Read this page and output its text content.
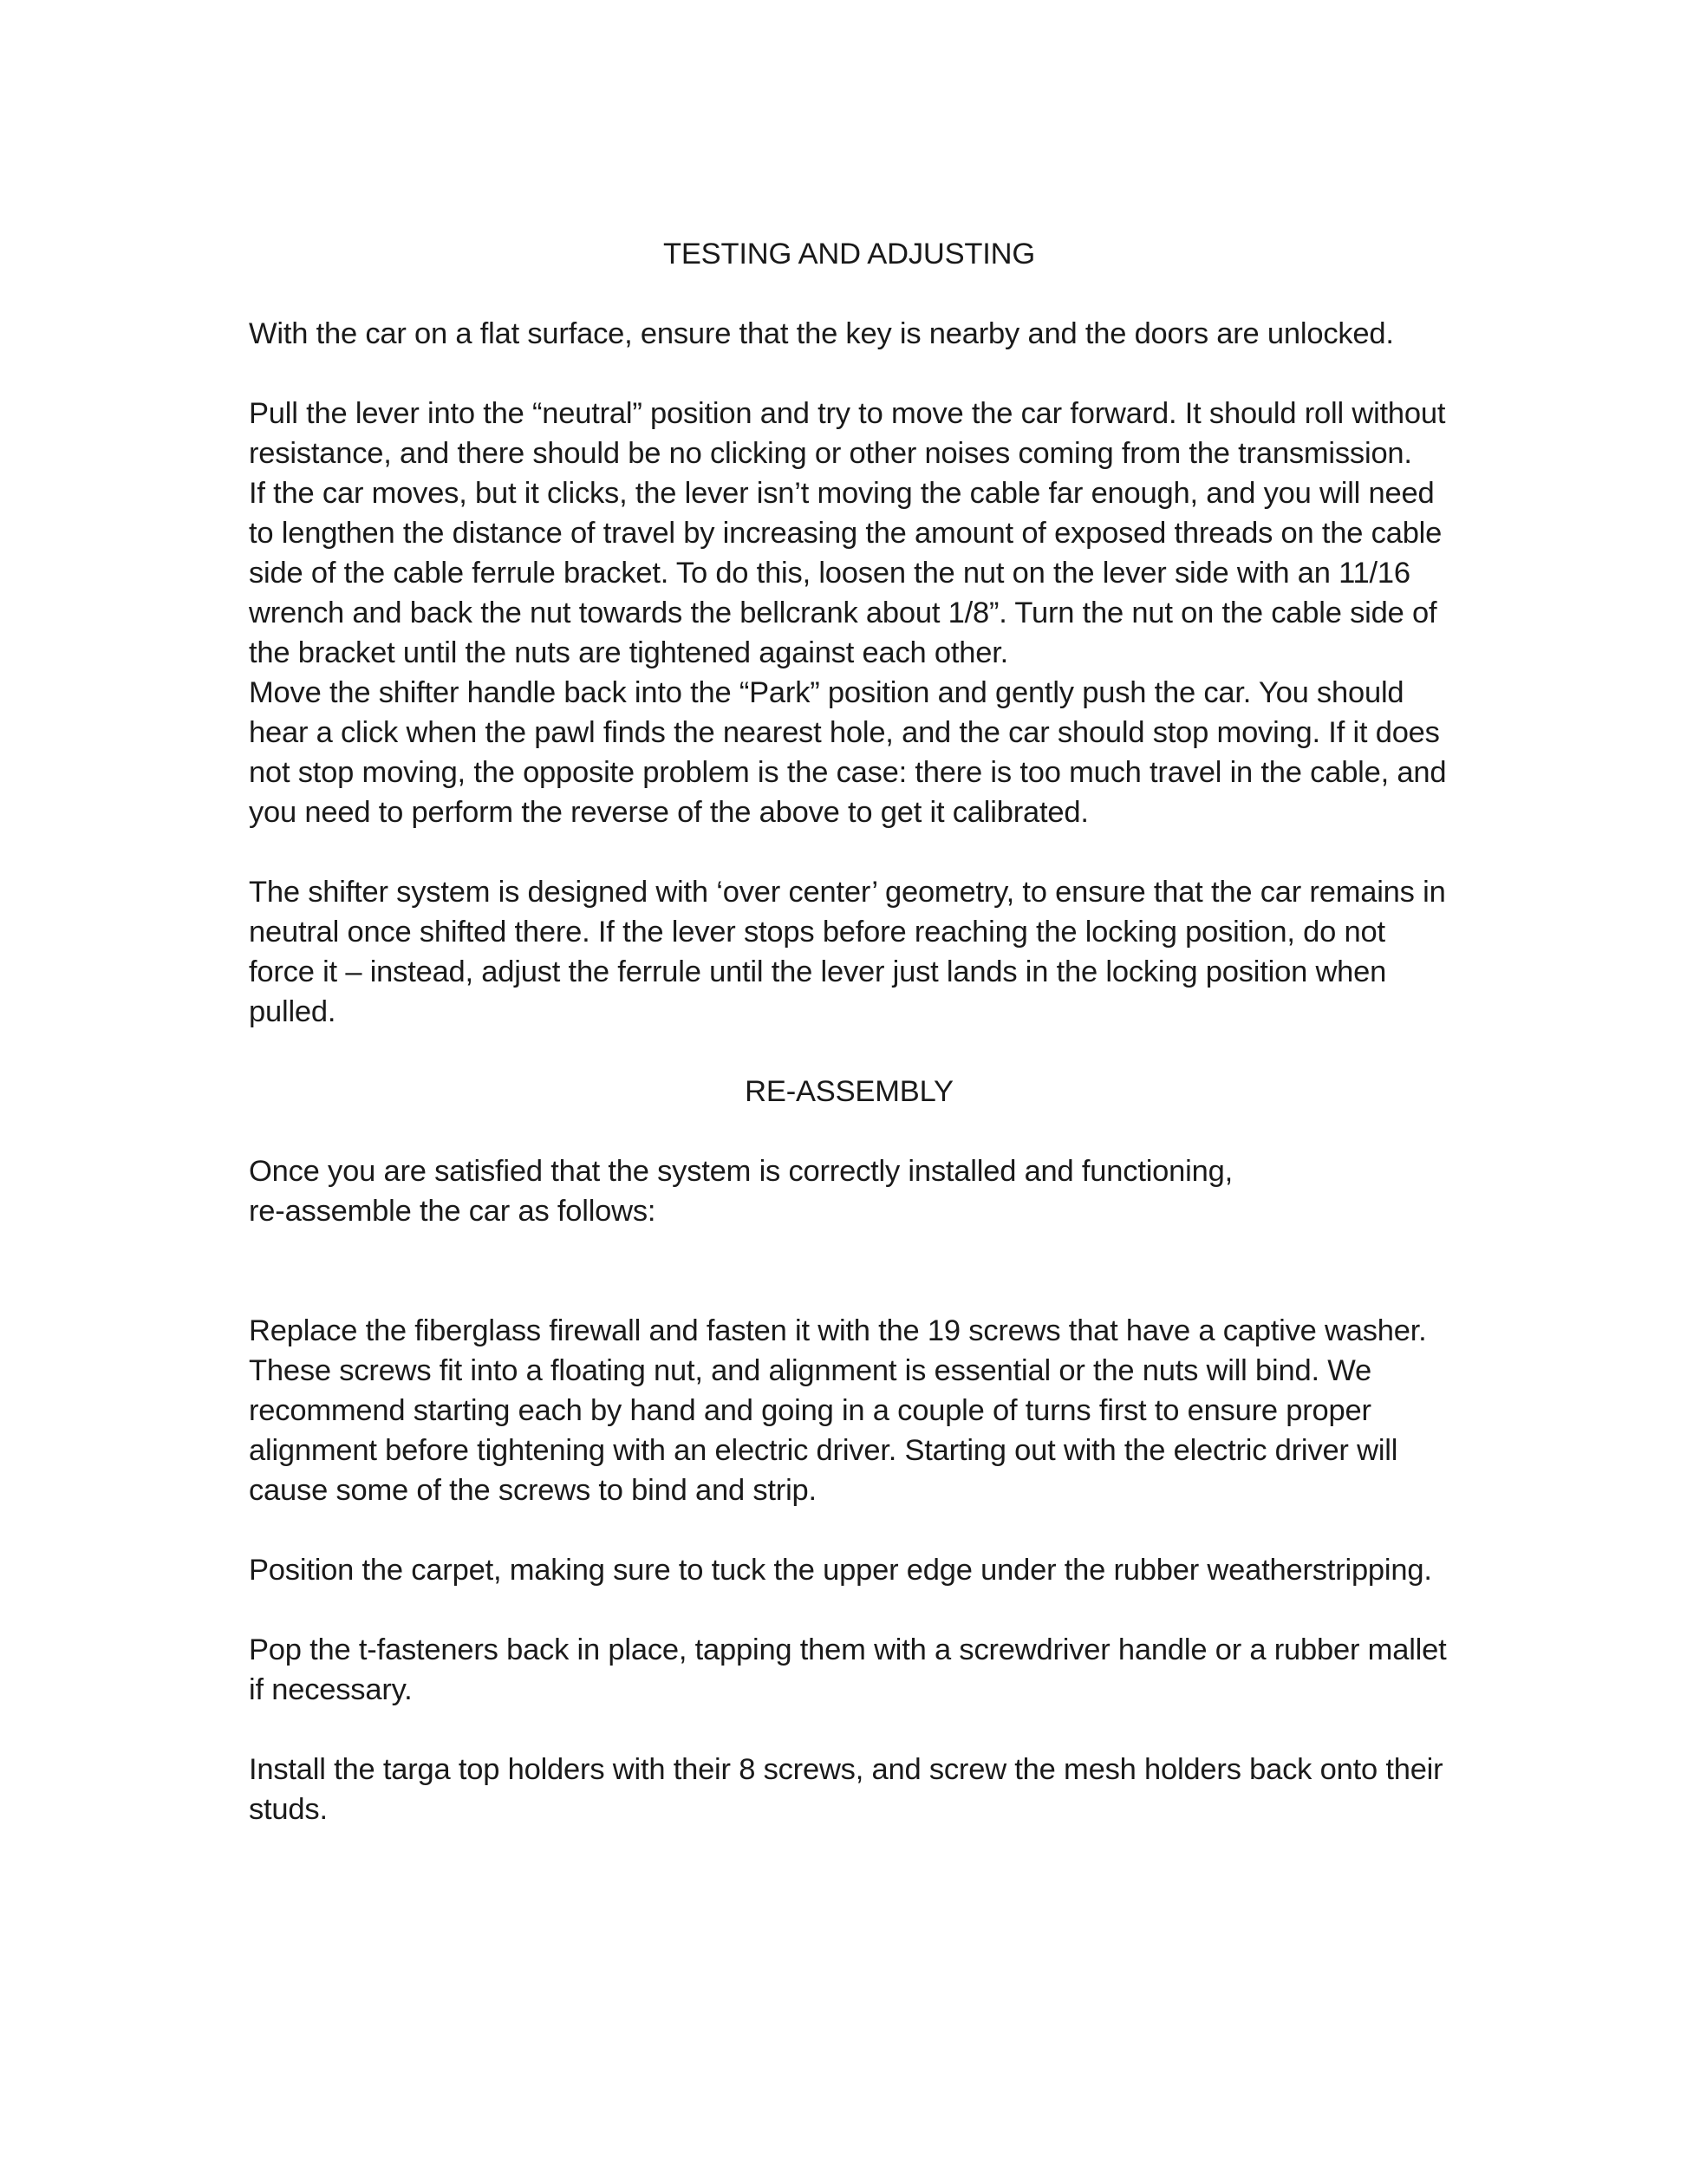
TESTING AND ADJUSTING

With the car on a flat surface, ensure that the key is nearby and the doors are unlocked.

Pull the lever into the “neutral” position and try to move the car forward. It should roll without resistance, and there should be no clicking or other noises coming from the transmission.

If the car moves, but it clicks, the lever isn’t moving the cable far enough, and you will need to lengthen the distance of travel by increasing the amount of exposed threads on the cable side of the cable ferrule bracket. To do this, loosen the nut on the lever side with an 11/16 wrench and back the nut towards the bellcrank about 1/8”. Turn the nut on the cable side of the bracket until the nuts are tightened against each other.

Move the shifter handle back into the “Park” position and gently push the car. You should hear a click when the pawl finds the nearest hole, and the car should stop moving. If it does not stop moving, the opposite problem is the case: there is too much travel in the cable, and you need to perform the reverse of the above to get it calibrated.

The shifter system is designed with ‘over center’ geometry, to ensure that the car remains in neutral once shifted there. If the lever stops before reaching the locking position, do not force it – instead, adjust the ferrule until the lever just lands in the locking position when pulled.

RE-ASSEMBLY

Once you are satisfied that the system is correctly installed and functioning,
re-assemble the car as follows:

Replace the fiberglass firewall and fasten it with the 19 screws that have a captive washer. These screws fit into a floating nut, and alignment is essential or the nuts will bind. We recommend starting each by hand and going in a couple of turns first to ensure proper alignment before tightening with an electric driver. Starting out with the electric driver will cause some of the screws to bind and strip.

Position the carpet, making sure to tuck the upper edge under the rubber weatherstripping.

Pop the t-fasteners back in place, tapping them with a screwdriver handle or a rubber mallet if necessary.

Install the targa top holders with their 8 screws, and screw the mesh holders back onto their studs.
